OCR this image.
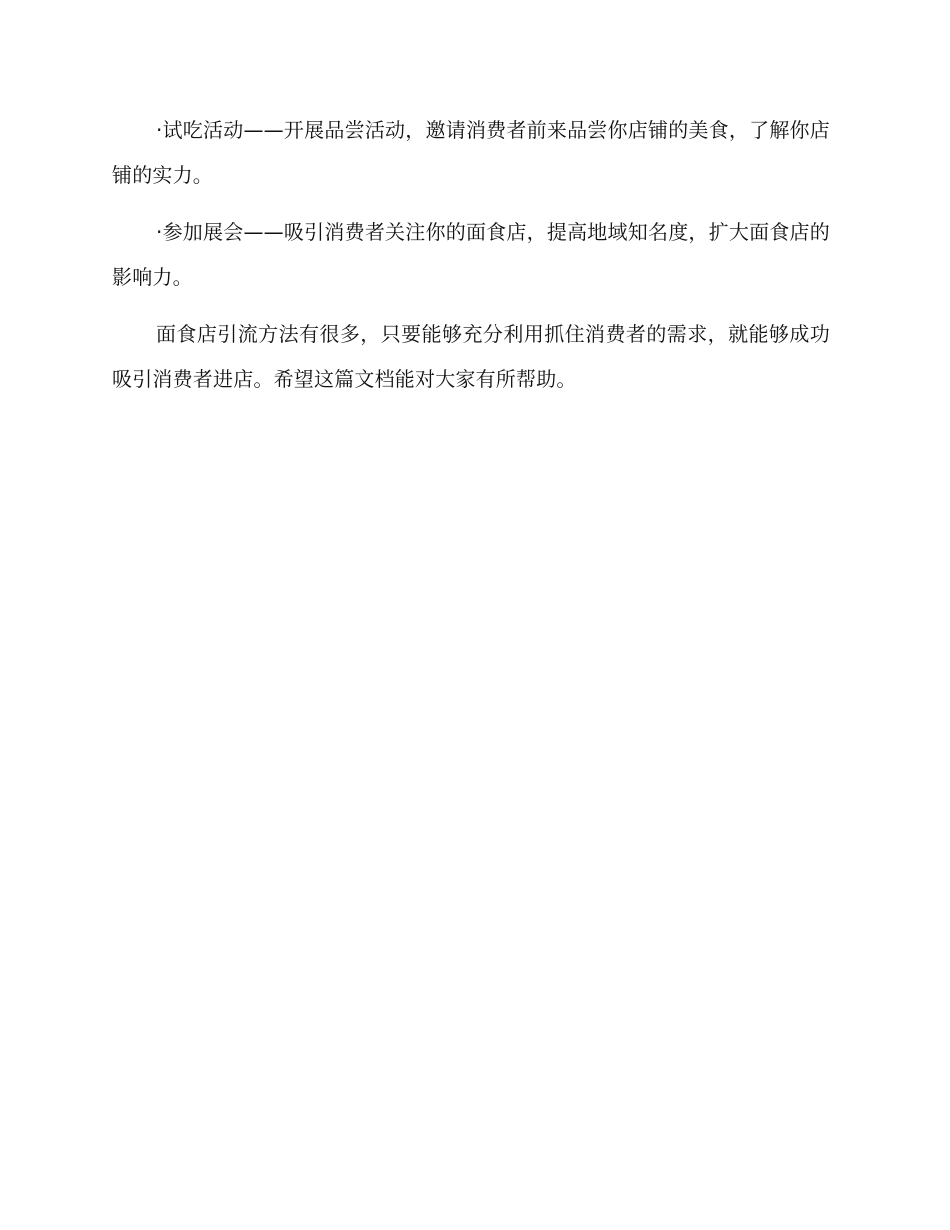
·试吃活动——开展品尝活动，邀请消费者前来品尝你店铺的美食，了解你店铺的实力。

·参加展会——吸引消费者关注你的面食店，提高地域知名度，扩大面食店的影响力。

面食店引流方法有很多，只要能够充分利用抓住消费者的需求，就能够成功吸引消费者进店。希望这篇文档能对大家有所帮助。
